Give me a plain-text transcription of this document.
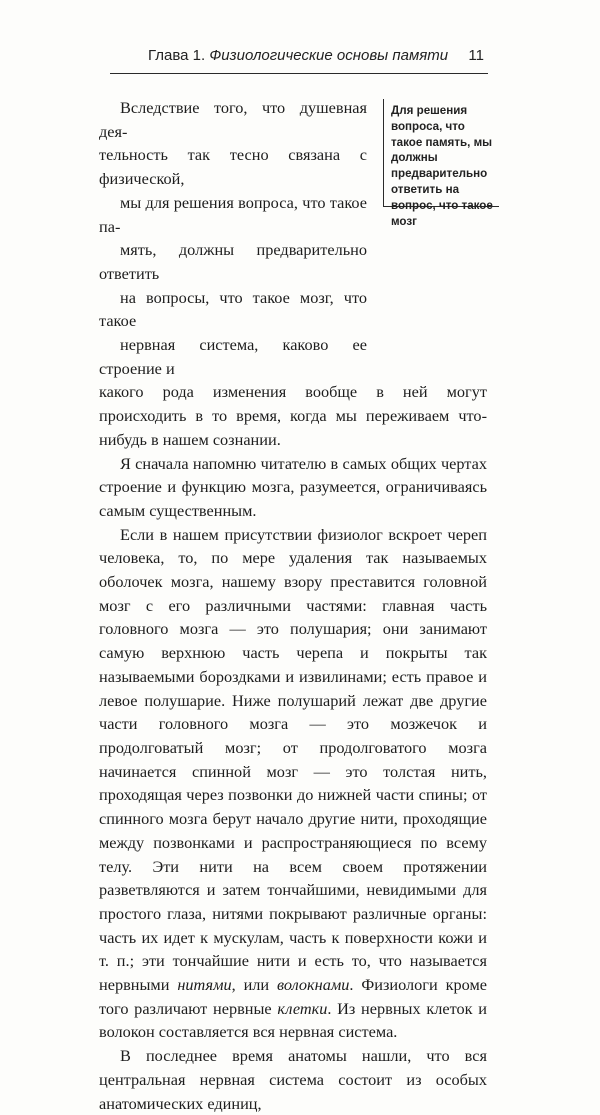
Глава 1. Физиологические основы памяти 11
Для решения вопроса, что такое память, мы должны предварительно ответить на вопрос, что такое мозг

Вследствие того, что душевная дея-
тельность так тесно связана с физической,
мы для решения вопроса, что такое па-
мять, должны предварительно ответить
на вопросы, что такое мозг, что такое
нервная система, каково ее строение и
какого рода изменения вообще в ней могут происходить в то время, когда мы переживаем что-нибудь в нашем сознании.

Я сначала напомню читателю в самых общих чертах строение и функцию мозга, разумеется, ограничиваясь самым существенным.

Если в нашем присутствии физиолог вскроет череп человека, то, по мере удаления так называемых оболочек мозга, нашему взору преставится головной мозг с его различными частями: главная часть головного мозга — это полушария; они занимают самую верхнюю часть черепа и покрыты так называемыми бороздками и извилинами; есть правое и левое полушарие. Ниже полушарий лежат две другие части головного мозга — это мозжечок и продолговатый мозг; от продолговатого мозга начинается спинной мозг — это толстая нить, проходящая через позвонки до нижней части спины; от спинного мозга берут начало другие нити, проходящие между позвонками и распространяющиеся по всему телу. Эти нити на всем своем протяжении разветвляются и затем тончайшими, невидимыми для простого глаза, нитями покрывают различные органы: часть их идет к мускулам, часть к поверхности кожи и т. п.; эти тончайшие нити и есть то, что называется нервными нитями, или волокнами. Физиологи кроме того различают нервные клетки. Из нервных клеток и волокон составляется вся нервная система.

В последнее время анатомы нашли, что вся центральная нервная система состоит из особых анатомических единиц,
